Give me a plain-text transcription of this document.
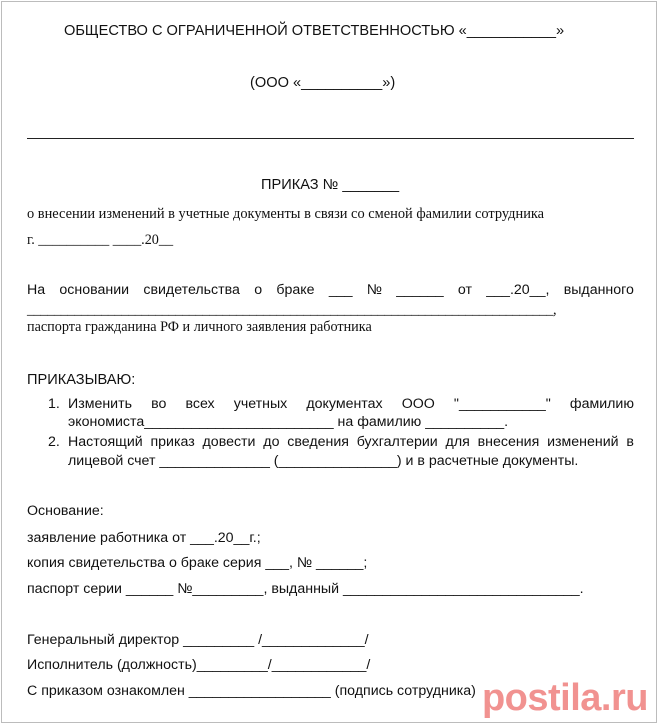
ОБЩЕСТВО С ОГРАНИЧЕННОЙ ОТВЕТСТВЕННОСТЬЮ «___________»
(ООО «__________»)
ПРИКАЗ № _______
о внесении изменений в учетные документы в связи со сменой фамилии сотрудника
г. __________ ____.20__
На основании свидетельства о браке ___ № ______ от ___.20__, выданного
______________________________________________________________________________,
паспорта гражданина РФ и личного заявления работника
ПРИКАЗЫВАЮ:
1. Изменить во всех учетных документах ООО "___________" фамилию
экономиста________________________ на фамилию __________.
2. Настоящий приказ довести до сведения бухгалтерии для внесения изменений в
лицевой счет ______________ (_______________) и в расчетные документы.
Основание:
заявление работника от ___.20__г.;
копия свидетельства о браке серия ___, № ______;
паспорт серии ______ №_________, выданный ______________________________.
Генеральный директор _________ /_____________/
Исполнитель (должность)_________/____________/
С приказом ознакомлен __________________ (подпись сотрудника) postila.ru
